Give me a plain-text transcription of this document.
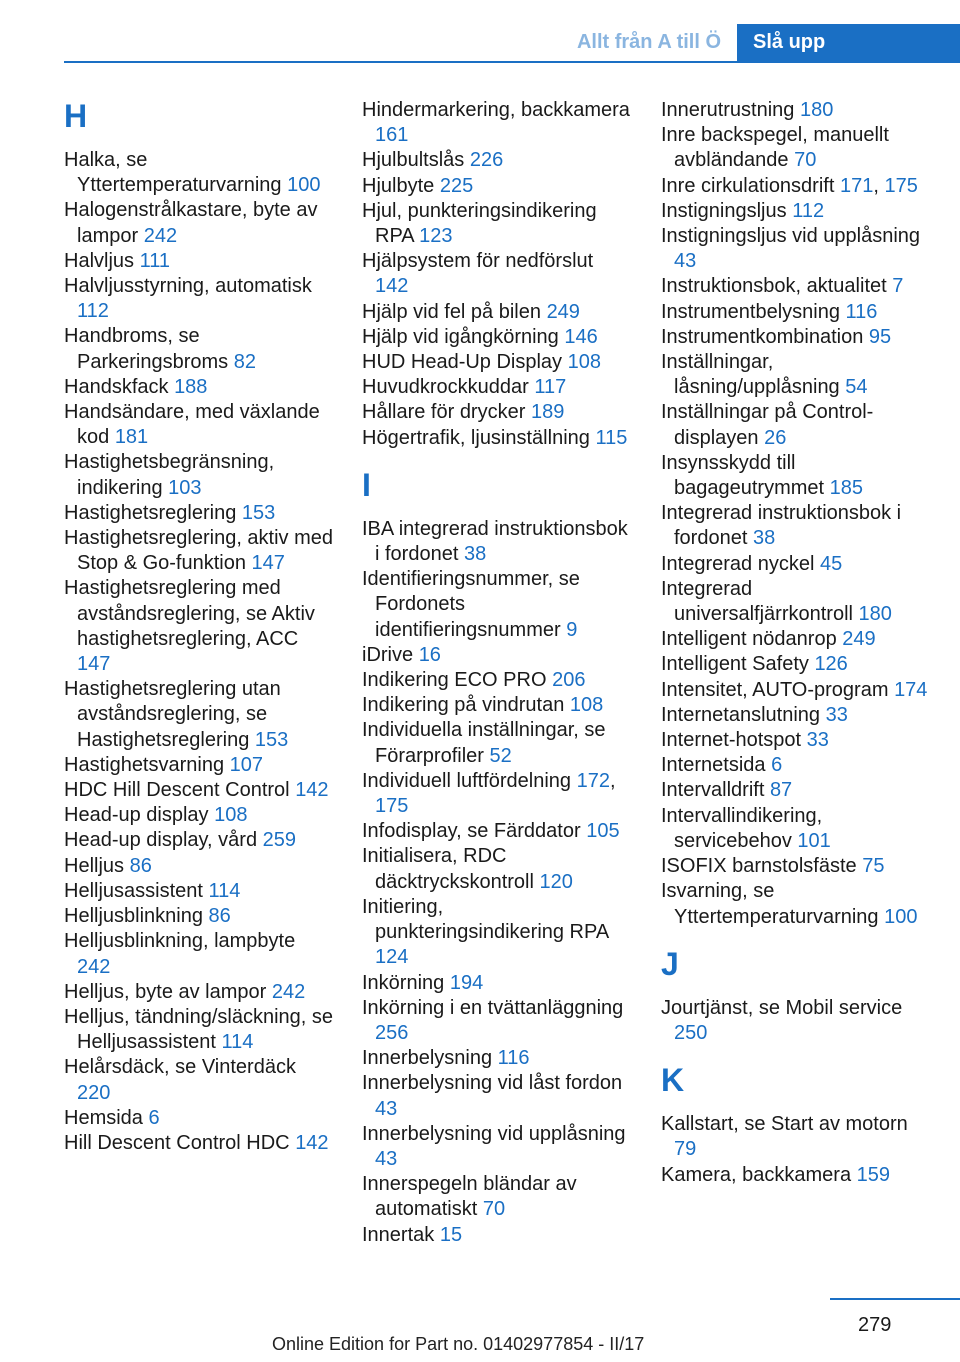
Allt från A till Ö	Slå upp
H

Halka, se Yttertemperaturvarning 100

Halogenstrålkastare, byte av lampor 242

Halvljus 111

Halvljusstyrning, automatisk 112

Handbroms, se Parkeringsbroms 82

Handskfack 188

Handsändare, med växlande kod 181

Hastighetsbegränsning, indikering 103

Hastighetsreglering 153

Hastighetsreglering, aktiv med Stop & Go-funktion 147

Hastighetsreglering med avståndsreglering, se Aktiv hastighetsreglering, ACC 147

Hastighetsreglering utan avståndsreglering, se Hastighetsreglering 153

Hastighetsvarning 107

HDC Hill Descent Control 142

Head-up display 108

Head-up display, vård 259

Helljus 86

Helljusassistent 114

Helljusblinkning 86

Helljusblinkning, lampbyte 242

Helljus, byte av lampor 242

Helljus, tändning/släckning, se Helljusassistent 114

Helårsdäck, se Vinterdäck 220

Hemsida 6

Hill Descent Control HDC 142

Hindermarkering, backkamera 161

Hjulbultslås 226

Hjulbyte 225

Hjul, punkteringsindikering RPA 123

Hjälpsystem för nedförslut 142

Hjälp vid fel på bilen 249

Hjälp vid igångkörning 146

HUD Head-Up Display 108

Huvudkrockkuddar 117

Hållare för drycker 189

Högertrafik, ljusinställning 115

I

IBA integrerad instruktionsbok i fordonet 38

Identifieringsnummer, se Fordonets identifieringsnummer 9

iDrive 16

Indikering ECO PRO 206

Indikering på vindrutan 108

Individuella inställningar, se Förarprofiler 52

Individuell luftfördelning 172, 175

Infodisplay, se Färddator 105

Initialisera, RDC däcktryckskontroll 120

Initiering, punkteringsindikering RPA 124

Inkörning 194

Inkörning i en tvättanläggning 256

Innerbelysning 116

Innerbelysning vid låst fordon 43

Innerbelysning vid upplåsning 43

Innerspegeln bländar av automatiskt 70

Innertak 15

Innerutrustning 180

Inre backspegel, manuellt avbländande 70

Inre cirkulationsdrift 171, 175

Instigningsljus 112

Instigningsljus vid upplåsning 43

Instruktionsbok, aktualitet 7

Instrumentbelysning 116

Instrumentkombination 95

Inställningar, låsning/upplåsning 54

Inställningar på Control-displayen 26

Insynsskydd till bagageutrymmet 185

Integrerad instruktionsbok i fordonet 38

Integrerad nyckel 45

Integrerad universalfjärrkontroll 180

Intelligent nödanrop 249

Intelligent Safety 126

Intensitet, AUTO-program 174

Internetanslutning 33

Internet-hotspot 33

Internetsida 6

Intervalldrift 87

Intervallindikering, servicebehov 101

ISOFIX barnstolsfäste 75

Isvarning, se Yttertemperaturvarning 100

J

Jourtjänst, se Mobil service 250

K

Kallstart, se Start av motorn 79

Kamera, backkamera 159

279
Online Edition for Part no. 01402977854 - II/17
